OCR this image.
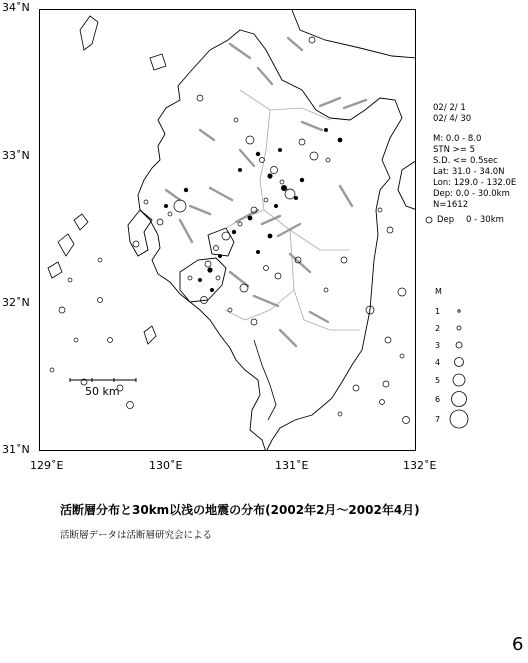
34˚N
33˚N
32˚N
31˚N
129˚E	130˚E	131˚E	132˚E
50 km
02/ 2/ 1
02/ 4/ 30
M: 0.0 - 8.0
STN >= 5
S.D. <= 0.5sec
Lat: 31.0 - 34.0N
Lon: 129.0 - 132.0E
Dep: 0.0 - 30.0km
N=1612
Dep 0 - 30km
M
1
2
3
4
5
6
7
活断層分布と30km以浅の地震の分布(2002年2月～2002年4月)
活断層データは活断層研究会による
6
